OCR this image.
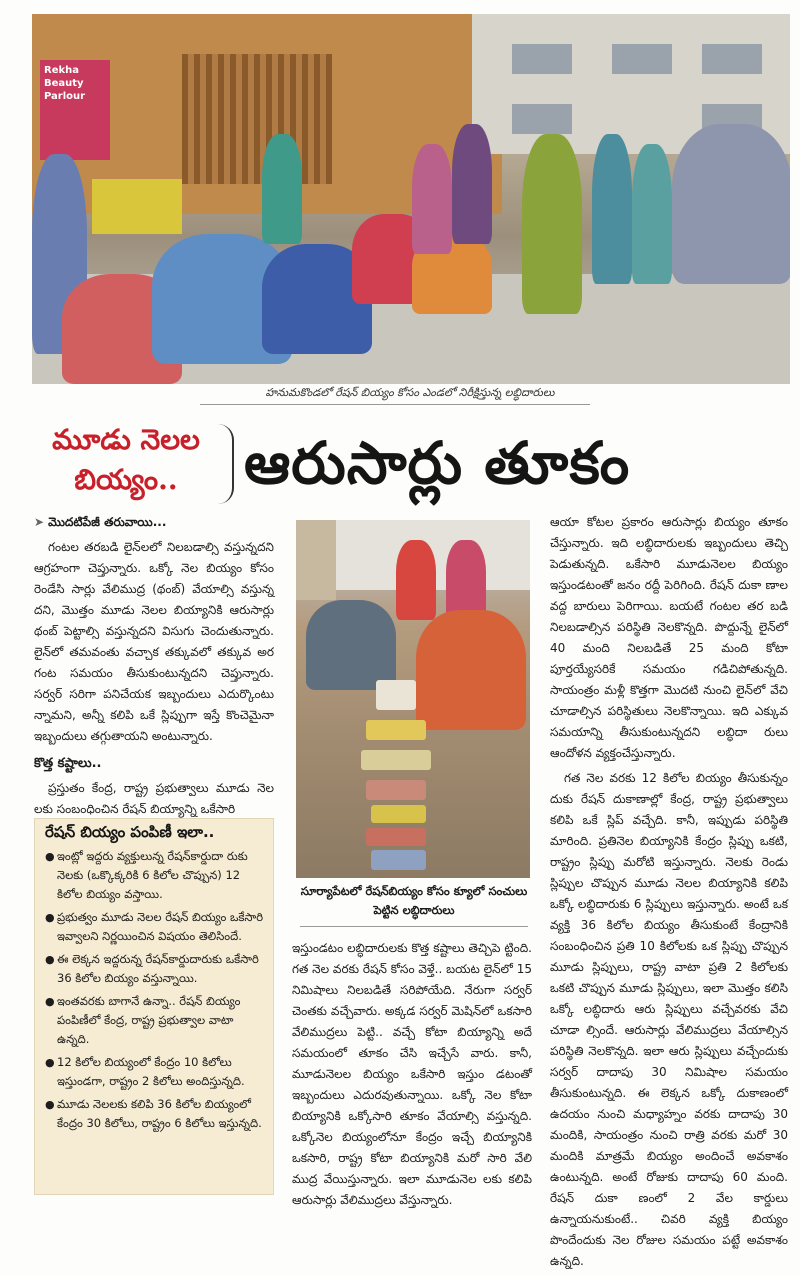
Rekha Beauty Parlour
హనుమకొండలో రేషన్ బియ్యం కోసం ఎండలో నిరీక్షిస్తున్న లబ్ధిదారులు
మూడు నెలల
బియ్యం..	ఆరుసార్లు తూకం
➤ మొదటిపేజీ తరువాయి...

గంటల తరబడి లైన్‌లలో నిలబడాల్సి వస్తున్నదని ఆగ్రహంగా చెప్తున్నారు. ఒక్కో నెల బియ్యం కోసం రెండేసి సార్లు వేలిముద్ర (థంబ్) వేయాల్సి వస్తున్న దని, మొత్తం మూడు నెలల బియ్యానికి ఆరుసార్లు థంబ్ పెట్టాల్సి వస్తున్నదని విసుగు చెందుతున్నారు. లైన్‌లో తమవంతు వచ్చాక తక్కువలో తక్కువ అర గంట సమయం తీసుకుంటున్నదని చెప్తున్నారు. సర్వర్ సరిగా పనిచేయక ఇబ్బందులు ఎదుర్కొంటు న్నామని, అన్నీ కలిపి ఒకే స్లిప్పుగా ఇస్తే కొంచెమైనా ఇబ్బందులు తగ్గుతాయని అంటున్నారు.

కొత్త కష్టాలు..

ప్రస్తుతం కేంద్ర, రాష్ట్ర ప్రభుత్వాలు మూడు నెల లకు సంబంధించిన రేషన్ బియ్యాన్ని ఒకేసారి

రేషన్ బియ్యం పంపిణీ ఇలా..
● ఇంట్లో ఇద్దరు వ్యక్తులున్న రేషన్‌కార్డుదా రుకు నెలకు (ఒక్కొక్కరికి 6 కిలోల చొప్పున) 12 కిలోల బియ్యం వస్తాయి.
● ప్రభుత్వం మూడు నెలల రేషన్ బియ్యం ఒకేసారి ఇవ్వాలని నిర్ణయించిన విషయం తెలిసిందే.
● ఈ లెక్కన ఇద్దరున్న రేషన్‌కార్డుదారుకు ఒకేసారి 36 కిలోల బియ్యం వస్తున్నాయి.
● ఇంతవరకు బాగానే ఉన్నా.. రేషన్ బియ్యం పంపిణీలో కేంద్ర, రాష్ట్ర ప్రభుత్వాల వాటా ఉన్నది.
● 12 కిలోల బియ్యంలో కేంద్రం 10 కిలోలు ఇస్తుండగా, రాష్ట్రం 2 కిలోలు అందిస్తున్నది.
● మూడు నెలలకు కలిపి 36 కిలోల బియ్యంలో కేంద్రం 30 కిలోలు, రాష్ట్రం 6 కిలోలు ఇస్తున్నది.
సూర్యాపేటలో రేషన్‌బియ్యం కోసం క్యూలో సంచులు పెట్టిన లబ్ధిదారులు

ఇస్తుండటం లబ్ధిదారులకు కొత్త కష్టాలు తెచ్చిపె ట్టింది. గత నెల వరకు రేషన్ కోసం వెళ్తే.. బయట లైన్‌లో 15 నిమిషాలు నిలబడితే సరిపోయేది. నేరుగా సర్వర్ చెంతకు వచ్చేవారు. అక్కడ సర్వర్ మెషిన్‌లో ఒకసారి వేలిముద్రలు పెట్టి.. వచ్చే కోటా బియ్యాన్ని అదే సమయంలో తూకం చేసి ఇచ్చేసే వారు. కానీ, మూడునెలల బియ్యం ఒకేసారి ఇస్తుం డటంతో ఇబ్బందులు ఎదురవుతున్నాయి. ఒక్కో నెల కోటా బియ్యానికి ఒక్కోసారి తూకం వేయాల్సి వస్తున్నది. ఒక్కోనెల బియ్యంలోనూ కేంద్రం ఇచ్చే బియ్యానికి ఒకసారి, రాష్ట్ర కోటా బియ్యానికి మరో సారి వేలి ముద్ర వేయిస్తున్నారు. ఇలా మూడునెల లకు కలిపి ఆరుసార్లు వేలిముద్రలు వేస్తున్నారు.

ఆయా కోటల ప్రకారం ఆరుసార్లు బియ్యం తూకం చేస్తున్నారు. ఇది లబ్ధిదారులకు ఇబ్బందులు తెచ్చి పెడుతున్నది. ఒకేసారి మూడునెలల బియ్యం ఇస్తుండటంతో జనం రద్దీ పెరిగింది. రేషన్ దుకా ణాల వద్ద బారులు పెరిగాయి. బయటే గంటల తర బడి నిలబడాల్సిన పరిస్థితి నెలకొన్నది. పొద్దున్నే లైన్‌లో 40 మంది నిలబడితే 25 మంది కోటా పూర్తయ్యేసరికే సమయం గడిచిపోతున్నది. సాయంత్రం మళ్లీ కొత్తగా మొదటి నుంచి లైన్‌లో వేచి చూడాల్సిన పరిస్థితులు నెలకొన్నాయి. ఇది ఎక్కువ సమయాన్ని తీసుకుంటున్నదని లబ్ధిదా రులు ఆందోళన వ్యక్తంచేస్తున్నారు.

గత నెల వరకు 12 కిలోల బియ్యం తీసుకున్నం దుకు రేషన్ దుకాణాల్లో కేంద్ర, రాష్ట్ర ప్రభుత్వాలు కలిపి ఒకే స్లిప్ వచ్చేది. కానీ, ఇప్పుడు పరిస్థితి మారింది. ప్రతినెల బియ్యానికి కేంద్రం స్లిప్పు ఒకటి, రాష్ట్రం స్లిప్పు మరోటి ఇస్తున్నారు. నెలకు రెండు స్లిప్పుల చొప్పున మూడు నెలల బియ్యానికి కలిపి ఒక్కో లబ్ధిదారుకు 6 స్లిప్పులు ఇస్తున్నారు. అంటే ఒక వ్యక్తి 36 కిలోల బియ్యం తీసుకుంటే కేంద్రానికి సంబంధించిన ప్రతి 10 కిలోలకు ఒక స్లిప్పు చొప్పున మూడు స్లిప్పులు, రాష్ట్ర వాటా ప్రతి 2 కిలోలకు ఒకటి చొప్పున మూడు స్లిప్పులు, ఇలా మొత్తం కలిసి ఒక్కో లబ్ధిదారు ఆరు స్లిప్పులు వచ్చేవరకు వేచి చూడా ల్సిందే. ఆరుసార్లు వేలిముద్రలు వేయాల్సిన పరిస్థితి నెలకొన్నది. ఇలా ఆరు స్లిప్పులు వచ్చేందుకు సర్వర్ దాదాపు 30 నిమిషాల సమయం తీసుకుంటున్నది. ఈ లెక్కన ఒక్కో దుకాణంలో ఉదయం నుంచి మధ్యాహ్నం వరకు దాదాపు 30 మందికి, సాయంత్రం నుంచి రాత్రి వరకు మరో 30 మందికి మాత్రమే బియ్యం అందించే అవకాశం ఉంటున్నది. అంటే రోజుకు దాదాపు 60 మంది. రేషన్ దుకా ణంలో 2 వేల కార్డులు ఉన్నాయనుకుంటే.. చివరి వ్యక్తి బియ్యం పొందేందుకు నెల రోజుల సమయం పట్టే అవకాశం ఉన్నది.
